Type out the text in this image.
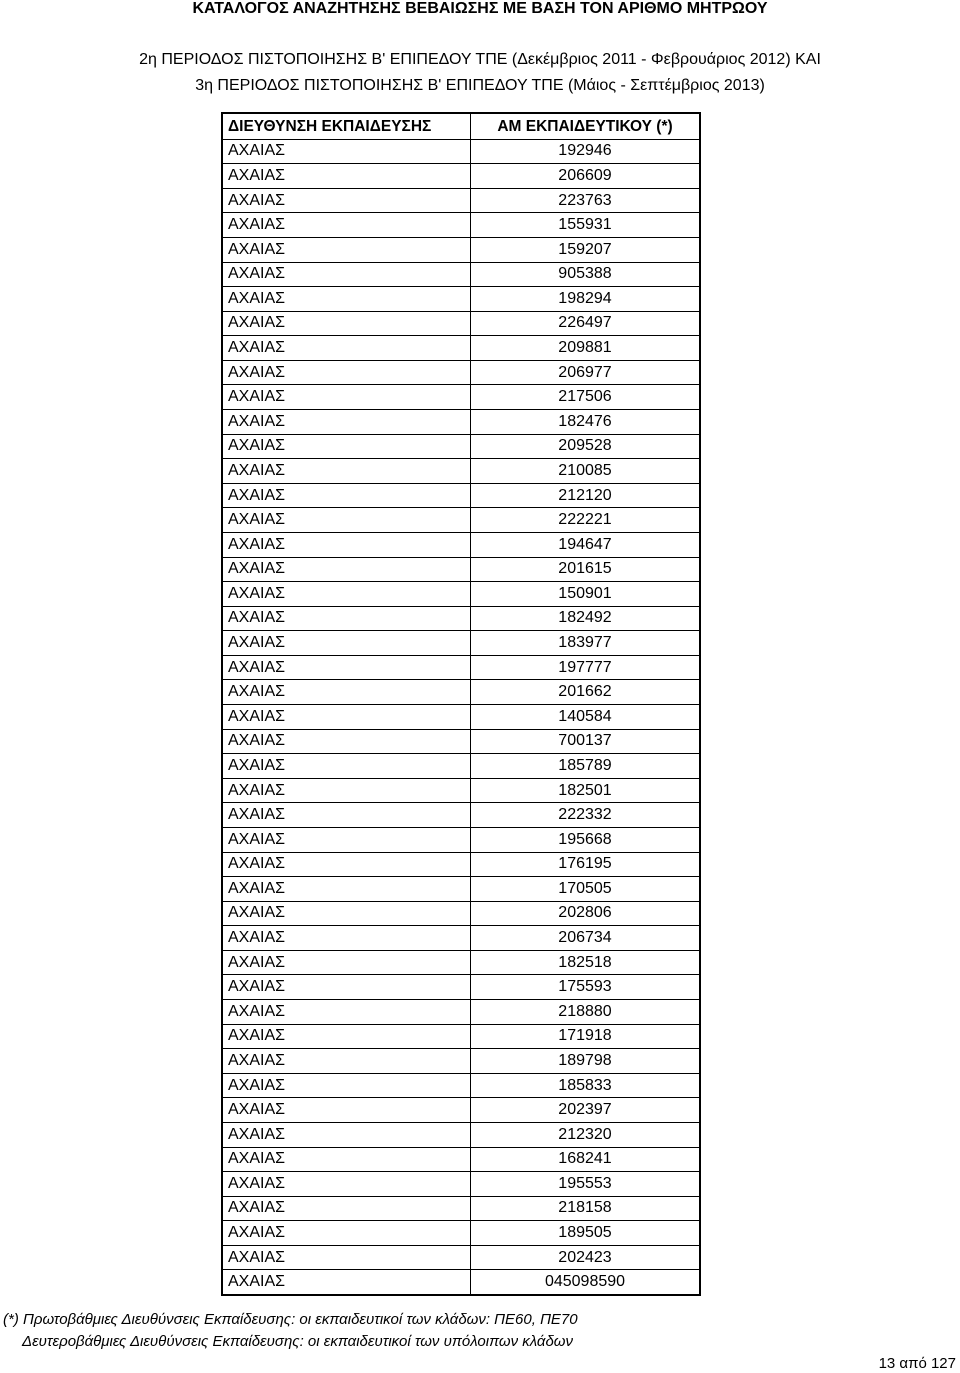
ΚΑΤΑΛΟΓΟΣ ΑΝΑΖΗΤΗΣΗΣ ΒΕΒΑΙΩΣΗΣ ΜΕ ΒΑΣΗ ΤΟΝ ΑΡΙΘΜΟ ΜΗΤΡΩΟΥ
2η ΠΕΡΙΟΔΟΣ ΠΙΣΤΟΠΟΙΗΣΗΣ Β' ΕΠΙΠΕΔΟΥ ΤΠΕ (Δεκέμβριος 2011 - Φεβρουάριος 2012) ΚΑΙ
3η ΠΕΡΙΟΔΟΣ ΠΙΣΤΟΠΟΙΗΣΗΣ Β' ΕΠΙΠΕΔΟΥ ΤΠΕ (Μάιος - Σεπτέμβριος 2013)
ΔΙΕΥΘΥΝΣΗ ΕΚΠΑΙΔΕΥΣΗΣ	ΑΜ ΕΚΠΑΙΔΕΥΤΙΚΟΥ (*)
ΑΧΑΙΑΣ	192946
ΑΧΑΙΑΣ	206609
ΑΧΑΙΑΣ	223763
ΑΧΑΙΑΣ	155931
ΑΧΑΙΑΣ	159207
ΑΧΑΙΑΣ	905388
ΑΧΑΙΑΣ	198294
ΑΧΑΙΑΣ	226497
ΑΧΑΙΑΣ	209881
ΑΧΑΙΑΣ	206977
ΑΧΑΙΑΣ	217506
ΑΧΑΙΑΣ	182476
ΑΧΑΙΑΣ	209528
ΑΧΑΙΑΣ	210085
ΑΧΑΙΑΣ	212120
ΑΧΑΙΑΣ	222221
ΑΧΑΙΑΣ	194647
ΑΧΑΙΑΣ	201615
ΑΧΑΙΑΣ	150901
ΑΧΑΙΑΣ	182492
ΑΧΑΙΑΣ	183977
ΑΧΑΙΑΣ	197777
ΑΧΑΙΑΣ	201662
ΑΧΑΙΑΣ	140584
ΑΧΑΙΑΣ	700137
ΑΧΑΙΑΣ	185789
ΑΧΑΙΑΣ	182501
ΑΧΑΙΑΣ	222332
ΑΧΑΙΑΣ	195668
ΑΧΑΙΑΣ	176195
ΑΧΑΙΑΣ	170505
ΑΧΑΙΑΣ	202806
ΑΧΑΙΑΣ	206734
ΑΧΑΙΑΣ	182518
ΑΧΑΙΑΣ	175593
ΑΧΑΙΑΣ	218880
ΑΧΑΙΑΣ	171918
ΑΧΑΙΑΣ	189798
ΑΧΑΙΑΣ	185833
ΑΧΑΙΑΣ	202397
ΑΧΑΙΑΣ	212320
ΑΧΑΙΑΣ	168241
ΑΧΑΙΑΣ	195553
ΑΧΑΙΑΣ	218158
ΑΧΑΙΑΣ	189505
ΑΧΑΙΑΣ	202423
ΑΧΑΙΑΣ	045098590
(*) Πρωτοβάθμιες Διευθύνσεις Εκπαίδευσης: οι εκπαιδευτικοί των κλάδων: ΠΕ60, ΠΕ70
Δευτεροβάθμιες Διευθύνσεις Εκπαίδευσης: οι εκπαιδευτικοί των υπόλοιπων κλάδων
13 από 127
